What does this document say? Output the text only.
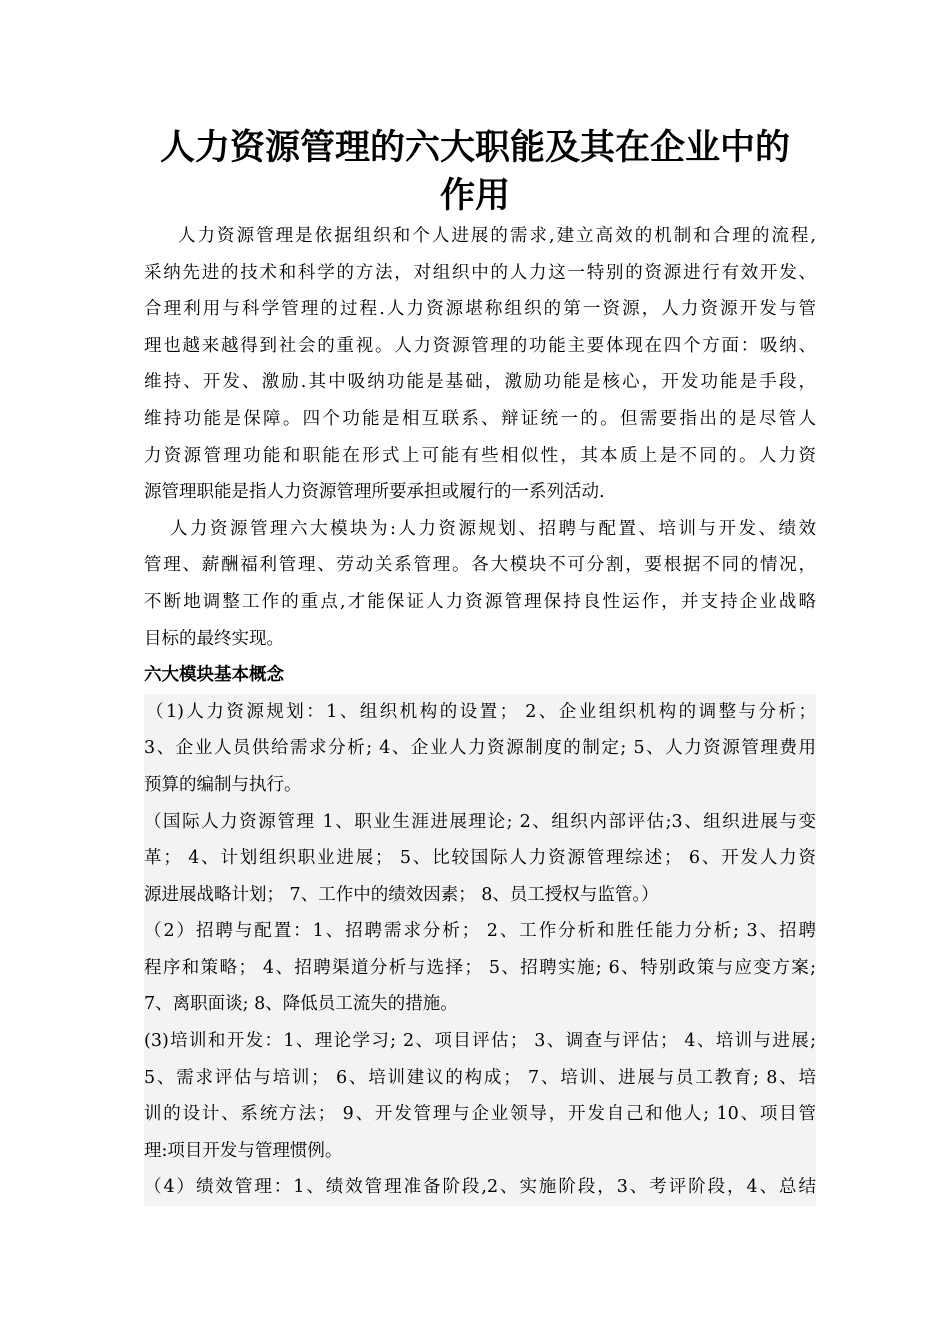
人力资源管理的六大职能及其在企业中的
作用

人力资源管理是依据组织和个人进展的需求,建立高效的机制和合理的流程,
采纳先进的技术和科学的方法，对组织中的人力这一特别的资源进行有效开发、
合理利用与科学管理的过程.人力资源堪称组织的第一资源，人力资源开发与管
理也越来越得到社会的重视。人力资源管理的功能主要体现在四个方面：吸纳、
维持、开发、激励.其中吸纳功能是基础，激励功能是核心，开发功能是手段，
维持功能是保障。四个功能是相互联系、辩证统一的。但需要指出的是尽管人
力资源管理功能和职能在形式上可能有些相似性，其本质上是不同的。人力资
源管理职能是指人力资源管理所要承担或履行的一系列活动.

人力资源管理六大模块为:人力资源规划、招聘与配置、培训与开发、绩效
管理、薪酬福利管理、劳动关系管理。各大模块不可分割，要根据不同的情况，
不断地调整工作的重点,才能保证人力资源管理保持良性运作，并支持企业战略
目标的最终实现。

六大模块基本概念

（1)人力资源规划：1、组织机构的设置； 2、企业组织机构的调整与分析；
3、企业人员供给需求分析; 4、企业人力资源制度的制定; 5、人力资源管理费用
预算的编制与执行。

（国际人力资源管理 1、职业生涯进展理论; 2、组织内部评估;3、组织进展与变
革； 4、计划组织职业进展； 5、比较国际人力资源管理综述； 6、开发人力资
源进展战略计划； 7、工作中的绩效因素； 8、员工授权与监管。）

（2）招聘与配置：1、招聘需求分析； 2、工作分析和胜任能力分析; 3、招聘
程序和策略； 4、招聘渠道分析与选择； 5、招聘实施; 6、特别政策与应变方案;
7、离职面谈; 8、降低员工流失的措施。

(3)培训和开发：1、理论学习; 2、项目评估； 3、调查与评估； 4、培训与进展;
5、需求评估与培训； 6、培训建议的构成； 7、培训、进展与员工教育; 8、培
训的设计、系统方法； 9、开发管理与企业领导，开发自己和他人; 10、项目管
理:项目开发与管理惯例。

（4）绩效管理：1、绩效管理准备阶段,2、实施阶段，3、考评阶段，4、总结
